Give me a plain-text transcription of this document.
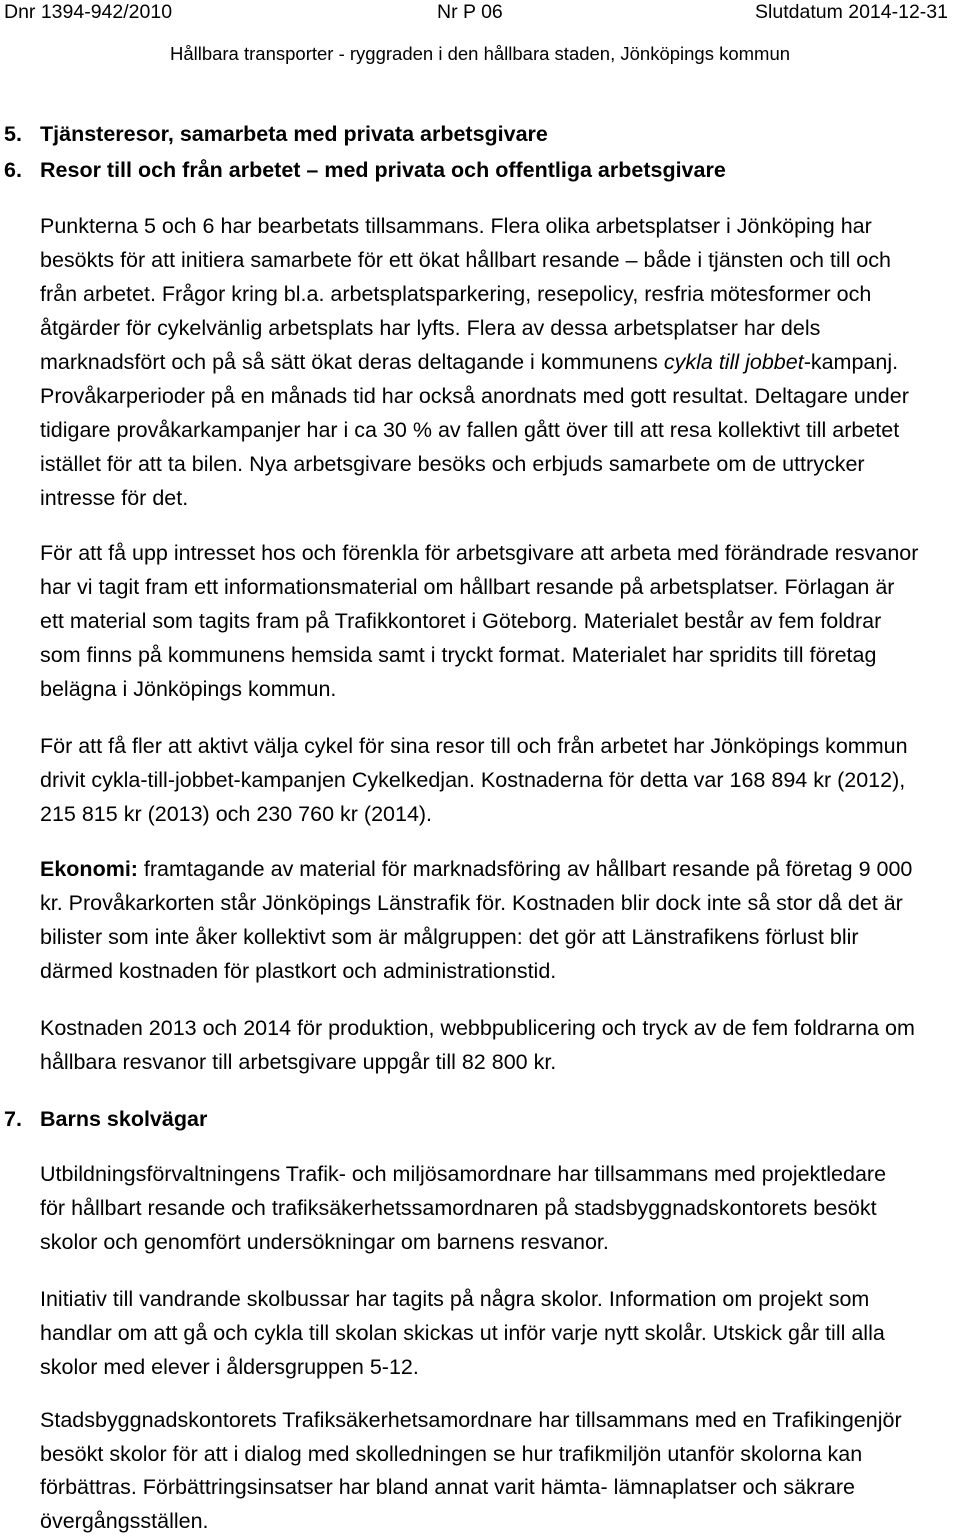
Dnr 1394-942/2010	Nr P 06	Slutdatum 2014-12-31
Hållbara transporter - ryggraden i den hållbara staden, Jönköpings kommun
5. Tjänsteresor, samarbeta med privata arbetsgivare
6. Resor till och från arbetet – med privata och offentliga arbetsgivare
Punkterna 5 och 6 har bearbetats tillsammans. Flera olika arbetsplatser i Jönköping har
besökts för att initiera samarbete för ett ökat hållbart resande – både i tjänsten och till och
från arbetet. Frågor kring bl.a. arbetsplatsparkering, resepolicy, resfria mötesformer och
åtgärder för cykelvänlig arbetsplats har lyfts. Flera av dessa arbetsplatser har dels
marknadsfört och på så sätt ökat deras deltagande i kommunens cykla till jobbet-kampanj.
Provåkarperioder på en månads tid har också anordnats med gott resultat. Deltagare under
tidigare provåkarkampanjer har i ca 30 % av fallen gått över till att resa kollektivt till arbetet
istället för att ta bilen. Nya arbetsgivare besöks och erbjuds samarbete om de uttrycker
intresse för det.
För att få upp intresset hos och förenkla för arbetsgivare att arbeta med förändrade resvanor
har vi tagit fram ett informationsmaterial om hållbart resande på arbetsplatser. Förlagan är
ett material som tagits fram på Trafikkontoret i Göteborg. Materialet består av fem foldrar
som finns på kommunens hemsida samt i tryckt format. Materialet har spridits till företag
belägna i Jönköpings kommun.
För att få fler att aktivt välja cykel för sina resor till och från arbetet har Jönköpings kommun
drivit cykla-till-jobbet-kampanjen Cykelkedjan. Kostnaderna för detta var 168 894 kr (2012),
215 815 kr (2013) och 230 760 kr (2014).
Ekonomi: framtagande av material för marknadsföring av hållbart resande på företag 9 000
kr. Provåkarkorten står Jönköpings Länstrafik för. Kostnaden blir dock inte så stor då det är
bilister som inte åker kollektivt som är målgruppen: det gör att Länstrafikens förlust blir
därmed kostnaden för plastkort och administrationstid.
Kostnaden 2013 och 2014 för produktion, webbpublicering och tryck av de fem foldrarna om
hållbara resvanor till arbetsgivare uppgår till 82 800 kr.
7. Barns skolvägar
Utbildningsförvaltningens Trafik- och miljösamordnare har tillsammans med projektledare
för hållbart resande och trafiksäkerhetssamordnaren på stadsbyggnadskontorets besökt
skolor och genomfört undersökningar om barnens resvanor.
Initiativ till vandrande skolbussar har tagits på några skolor. Information om projekt som
handlar om att gå och cykla till skolan skickas ut inför varje nytt skolår. Utskick går till alla
skolor med elever i åldersgruppen 5-12.
Stadsbyggnadskontorets Trafiksäkerhetsamordnare har tillsammans med en Trafikingenjör
besökt skolor för att i dialog med skolledningen se hur trafikmiljön utanför skolorna kan
förbättras. Förbättringsinsatser har bland annat varit hämta- lämnaplatser och säkrare
övergångsställen.
